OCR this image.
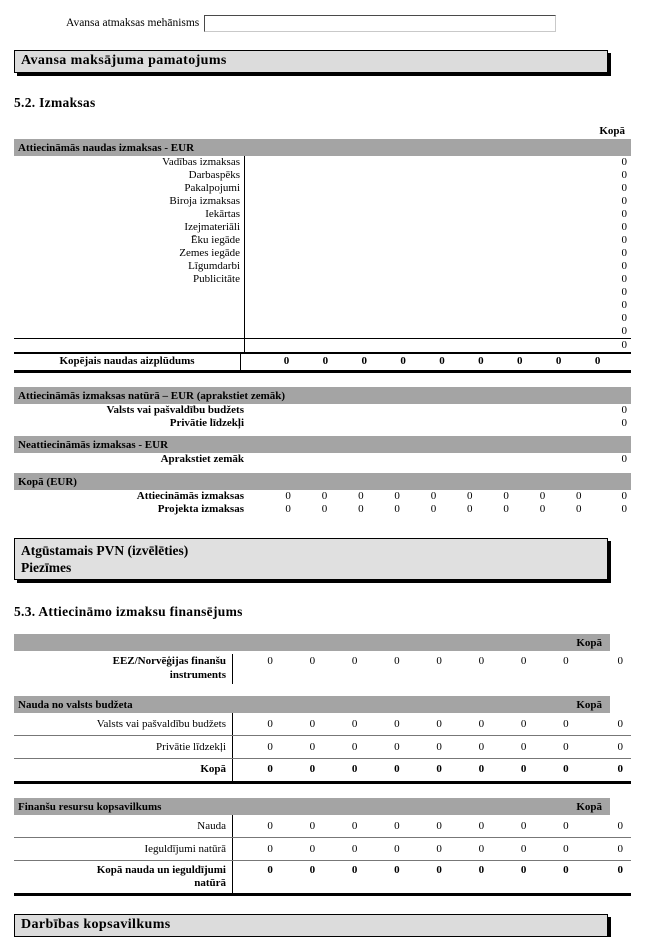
Avansa atmaksas mehānisms
Avansa maksājuma pamatojums
5.2. Izmaksas
Kopā
Attiecināmās naudas izmaksas - EUR
Vadības izmaksas	0
Darbaspēks	0
Pakalpojumi	0
Biroja izmaksas	0
Iekārtas	0
Izejmateriāli	0
Ēku iegāde	0
Zemes iegāde	0
Līgumdarbi	0
Publicitāte	0
0
0
0
0
0
Kopējais naudas aizplūdums	0	0	0	0	0	0	0	0	0
Attiecināmās izmaksas natūrā – EUR (aprakstiet zemāk)
Valsts vai pašvaldību budžets	0
Privātie līdzekļi	0
Neattiecināmās izmaksas - EUR
Aprakstiet zemāk	0
Kopā (EUR)
Attiecināmās izmaksas	0	0	0	0	0	0	0	0	0	0
Projekta izmaksas	0	0	0	0	0	0	0	0	0	0
Atgūstamais PVN (izvēlēties)
Piezīmes
5.3. Attiecināmo izmaksu finansējums
Kopā
EEZ/Norvēģijas finanšu
instruments
0	0	0	0	0	0	0	0	0
Nauda no valsts budžeta	Kopā
Valsts vai pašvaldību budžets	0	0	0	0	0	0	0	0	0
Privātie līdzekļi	0	0	0	0	0	0	0	0	0
Kopā	0	0	0	0	0	0	0	0	0
Finanšu resursu kopsavilkums	Kopā
Nauda	0	0	0	0	0	0	0	0	0
Ieguldījumi natūrā	0	0	0	0	0	0	0	0	0
Kopā nauda un ieguldījumi
natūrā
0	0	0	0	0	0	0	0	0
Darbības kopsavilkums
